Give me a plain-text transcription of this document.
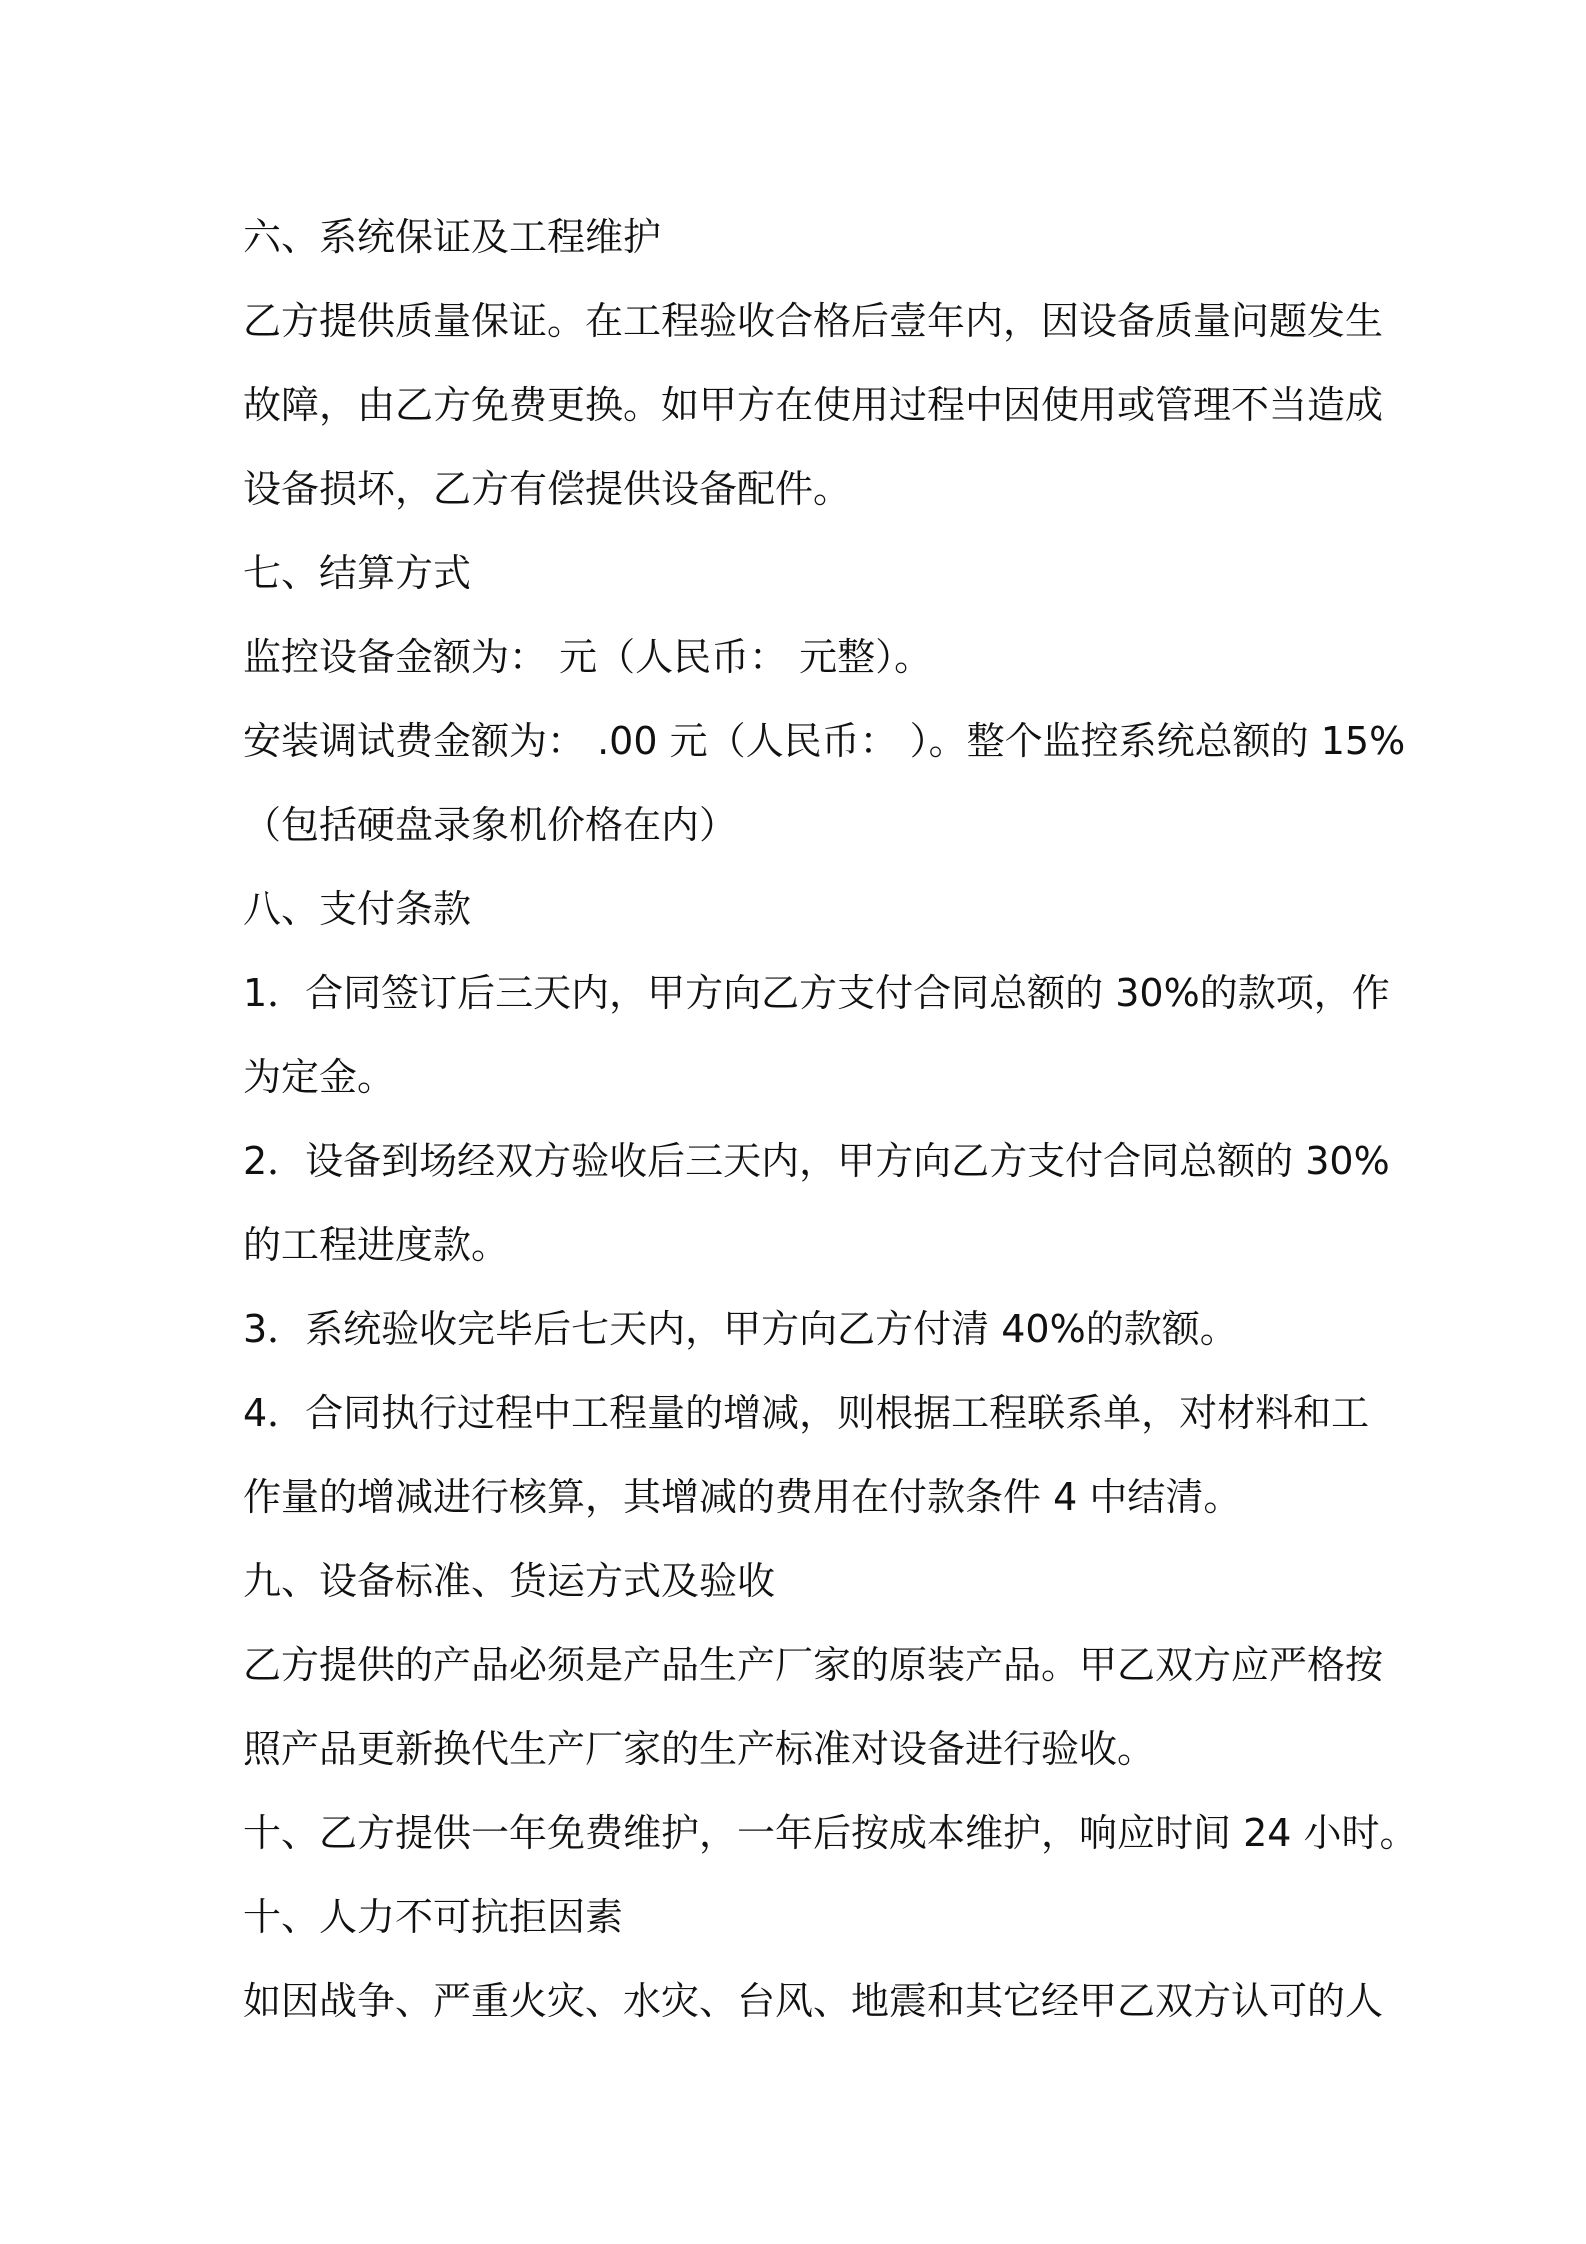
六、系统保证及工程维护

乙方提供质量保证。在工程验收合格后壹年内，因设备质量问题发生

故障，由乙方免费更换。如甲方在使用过程中因使用或管理不当造成

设备损坏，乙方有偿提供设备配件。

七、结算方式

监控设备金额为： 元（人民币： 元整）。

安装调试费金额为： .00 元（人民币： ）。整个监控系统总额的 15%

（包括硬盘录象机价格在内）

八、支付条款

1．合同签订后三天内，甲方向乙方支付合同总额的 30%的款项，作

为定金。

2．设备到场经双方验收后三天内，甲方向乙方支付合同总额的 30%

的工程进度款。

3．系统验收完毕后七天内，甲方向乙方付清 40%的款额。

4．合同执行过程中工程量的增减，则根据工程联系单，对材料和工

作量的增减进行核算，其增减的费用在付款条件 4 中结清。

九、设备标准、货运方式及验收

乙方提供的产品必须是产品生产厂家的原装产品。甲乙双方应严格按

照产品更新换代生产厂家的生产标准对设备进行验收。

十、乙方提供一年免费维护，一年后按成本维护，响应时间 24 小时。

十、人力不可抗拒因素

如因战争、严重火灾、水灾、台风、地震和其它经甲乙双方认可的人
